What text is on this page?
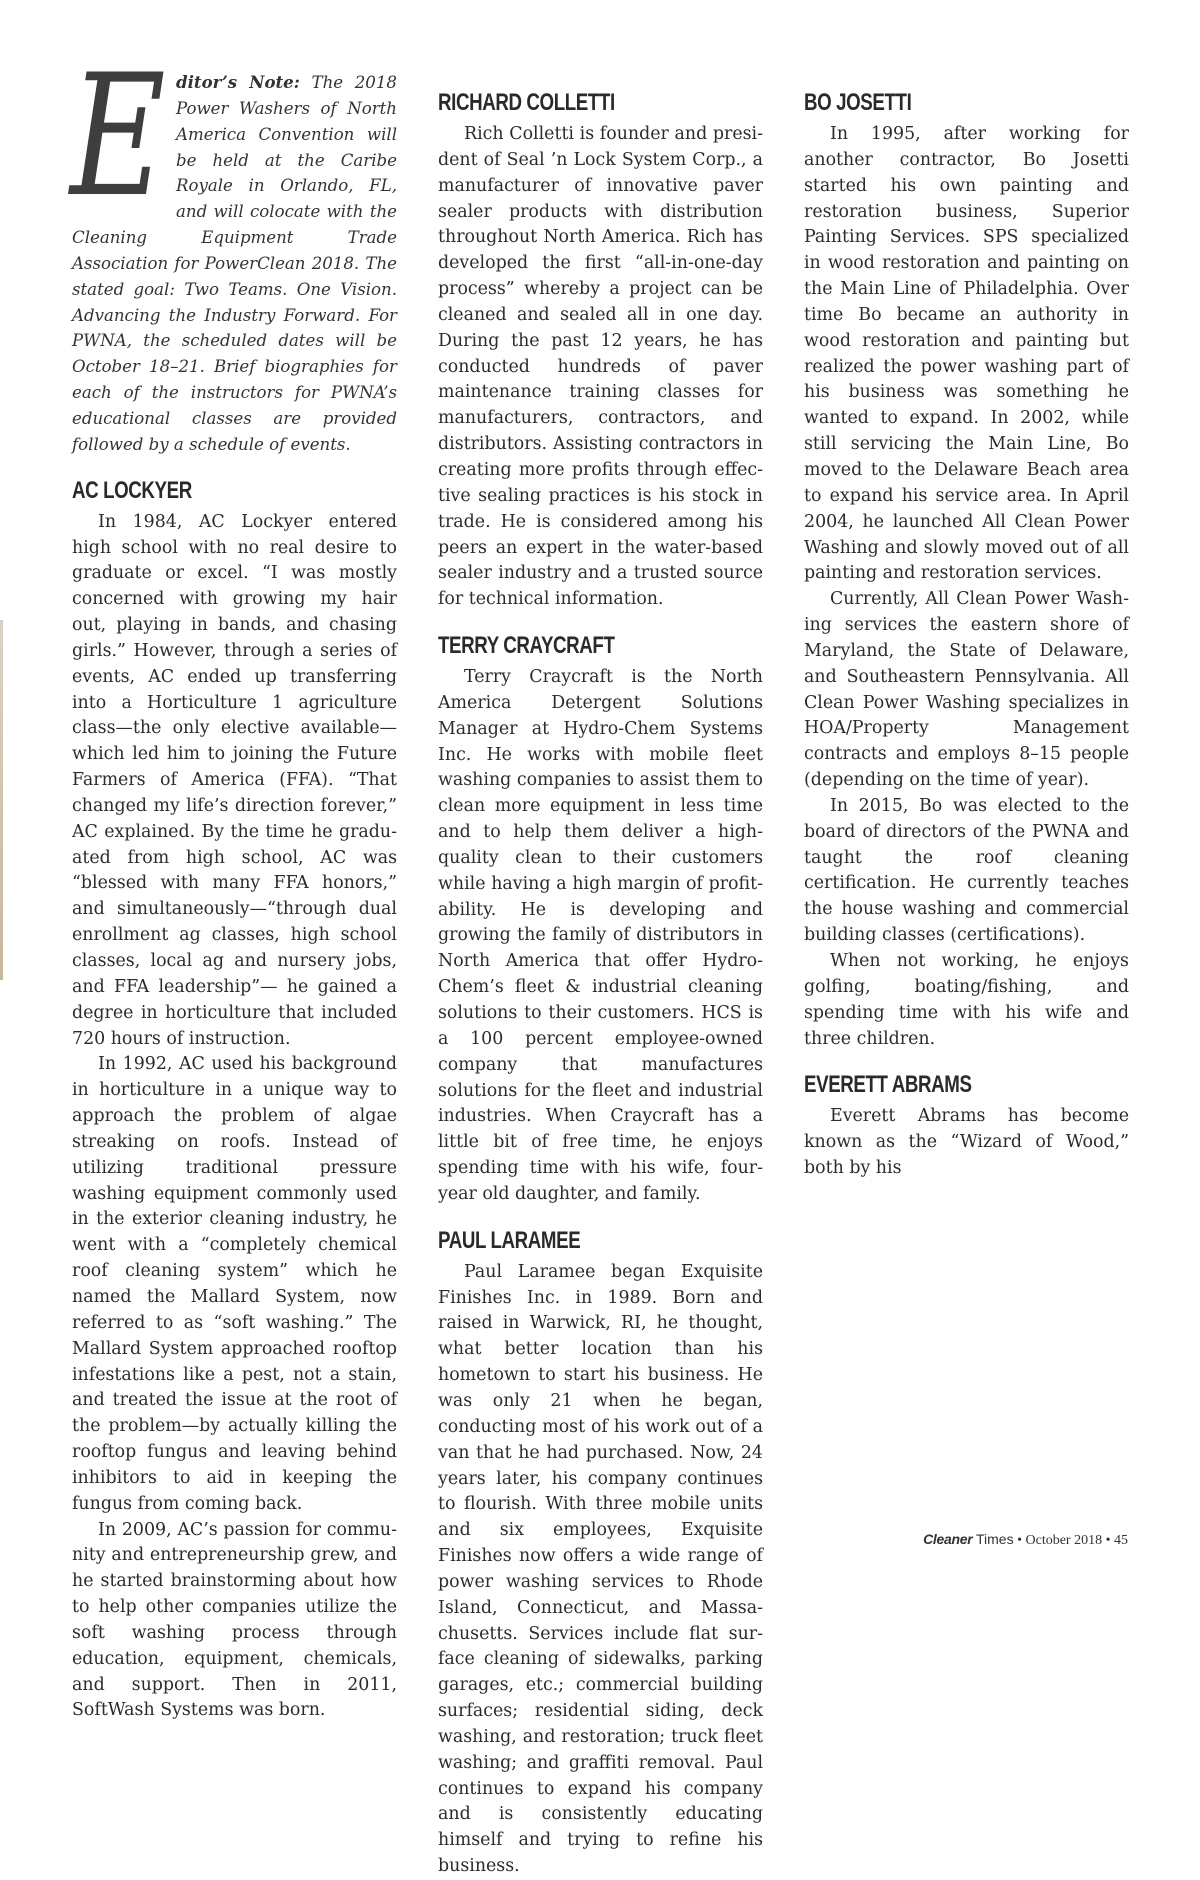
Editor’s Note: The 2018 Power Washers of North America Convention will be held at the Caribe Royale in Orlando, FL, and will colocate with the Cleaning Equipment Trade Association for PowerClean 2018. The stated goal: Two Teams. One Vision. Advancing the Industry Forward. For PWNA, the scheduled dates will be October 18–21. Brief biographies for each of the instructors for PWNA’s educational classes are provided followed by a schedule of events.
AC LOCKYER

In 1984, AC Lockyer entered high school with no real desire to graduate or excel. “I was mostly concerned with growing my hair out, playing in bands, and chasing girls.” However, through a series of events, AC ended up transferring into a Horticulture 1 agriculture class—the only elective available—which led him to joining the Future Farmers of America (FFA). “That changed my life’s direction forever,” AC explained. By the time he graduated from high school, AC was “blessed with many FFA honors,” and simultaneously—“through dual enrollment ag classes, high school classes, local ag and nursery jobs, and FFA leadership”— he gained a degree in horticulture that included 720 hours of instruction.

In 1992, AC used his background in horticulture in a unique way to approach the problem of algae streaking on roofs. Instead of utilizing traditional pressure washing equipment commonly used in the exterior cleaning industry, he went with a “completely chemical roof cleaning system” which he named the Mallard System, now referred to as “soft washing.” The Mallard System approached rooftop infestations like a pest, not a stain, and treated the issue at the root of the problem—by actually killing the rooftop fungus and leaving behind inhibitors to aid in keeping the fungus from coming back.

In 2009, AC’s passion for community and entrepreneurship grew, and he started brainstorming about how to help other companies utilize the soft washing process through education, equipment, chemicals, and support. Then in 2011, SoftWash Systems was born.

RICHARD COLLETTI

Rich Colletti is founder and president of Seal ’n Lock System Corp., a manufacturer of innovative paver sealer products with distribution throughout North America. Rich has developed the first “all-in-one-day process” whereby a project can be cleaned and sealed all in one day. During the past 12 years, he has conducted hundreds of paver maintenance training classes for manufacturers, contractors, and distributors. Assisting contractors in creating more profits through effective sealing practices is his stock in trade. He is considered among his peers an expert in the water-based sealer industry and a trusted source for technical information.

TERRY CRAYCRAFT

Terry Craycraft is the North America Detergent Solutions Manager at Hydro-Chem Systems Inc. He works with mobile fleet washing companies to assist them to clean more equipment in less time and to help them deliver a high-quality clean to their customers while having a high margin of profitability. He is developing and growing the family of distributors in North America that offer Hydro-Chem’s fleet & industrial cleaning solutions to their customers. HCS is a 100 percent employee-owned company that manufactures solutions for the fleet and industrial industries. When Craycraft has a little bit of free time, he enjoys spending time with his wife, four-year old daughter, and family.

PAUL LARAMEE

Paul Laramee began Exquisite Finishes Inc. in 1989. Born and raised in Warwick, RI, he thought, what better location than his hometown to start his business. He was only 21 when he began, conducting most of his work out of a van that he had purchased. Now, 24 years later, his company continues to flourish. With three mobile units and six employees, Exquisite Finishes now offers a wide range of power washing services to Rhode Island, Connecticut, and Massachusetts. Services include flat surface cleaning of sidewalks, parking garages, etc.; commercial building surfaces; residential siding, deck washing, and restoration; truck fleet washing; and graffiti removal. Paul continues to expand his company and is consistently educating himself and trying to refine his business.

BO JOSETTI

In 1995, after working for another contractor, Bo Josetti started his own painting and restoration business, Superior Painting Services. SPS specialized in wood restoration and painting on the Main Line of Philadelphia. Over time Bo became an authority in wood restoration and painting but realized the power washing part of his business was something he wanted to expand. In 2002, while still servicing the Main Line, Bo moved to the Delaware Beach area to expand his service area. In April 2004, he launched All Clean Power Washing and slowly moved out of all painting and restoration services.

Currently, All Clean Power Washing services the eastern shore of Maryland, the State of Delaware, and Southeastern Pennsylvania. All Clean Power Washing specializes in HOA/Property Management contracts and employs 8–15 people (depending on the time of year).

In 2015, Bo was elected to the board of directors of the PWNA and taught the roof cleaning certification. He currently teaches the house washing and commercial building classes (certifications).

When not working, he enjoys golfing, boating/fishing, and spending time with his wife and three children.

EVERETT ABRAMS

Everett Abrams has become known as the “Wizard of Wood,” both by his

Cleaner Times • October 2018 • 45
